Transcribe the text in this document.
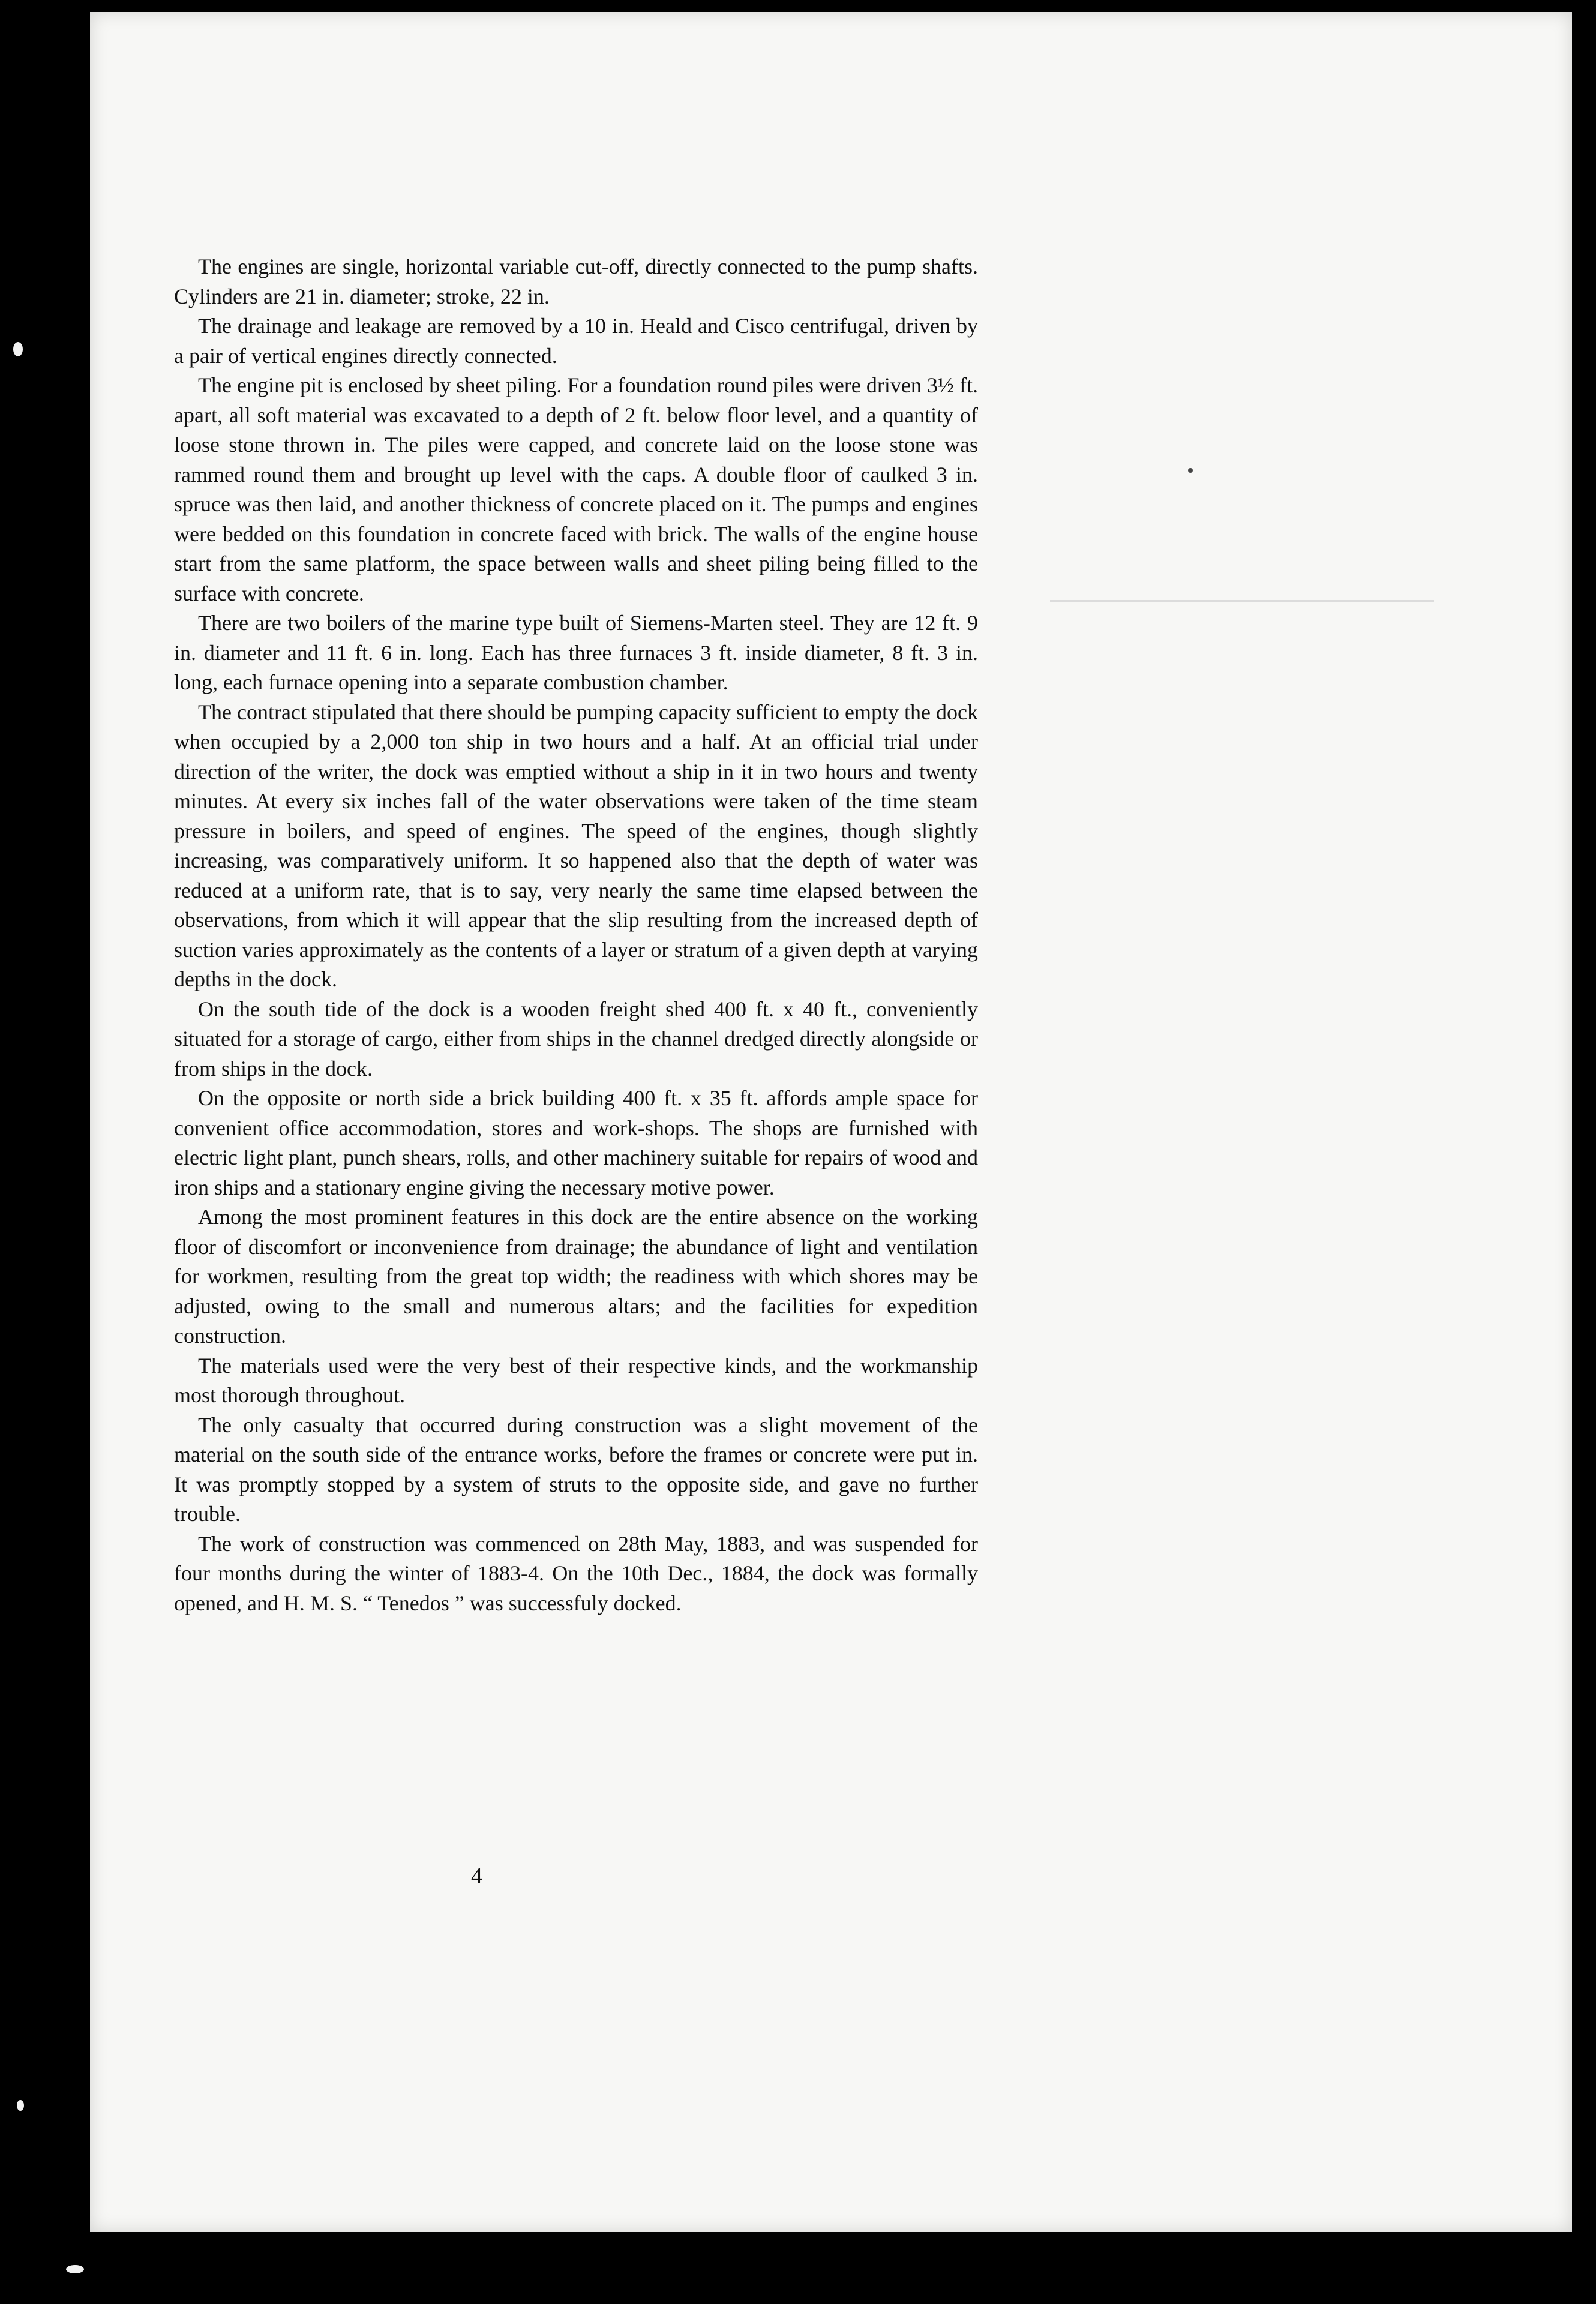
The engines are single, horizontal variable cut-off, directly connected to the pump shafts. Cylinders are 21 in. diameter; stroke, 22 in.

The drainage and leakage are removed by a 10 in. Heald and Cisco centrifugal, driven by a pair of vertical engines directly connected.

The engine pit is enclosed by sheet piling. For a foundation round piles were driven 3½ ft. apart, all soft material was excavated to a depth of 2 ft. below floor level, and a quantity of loose stone thrown in. The piles were capped, and concrete laid on the loose stone was rammed round them and brought up level with the caps. A double floor of caulked 3 in. spruce was then laid, and another thickness of concrete placed on it. The pumps and engines were bedded on this foundation in concrete faced with brick. The walls of the engine house start from the same platform, the space between walls and sheet piling being filled to the surface with concrete.

There are two boilers of the marine type built of Siemens-Marten steel. They are 12 ft. 9 in. diameter and 11 ft. 6 in. long. Each has three furnaces 3 ft. inside diameter, 8 ft. 3 in. long, each furnace opening into a separate combustion chamber.

The contract stipulated that there should be pumping capacity sufficient to empty the dock when occupied by a 2,000 ton ship in two hours and a half. At an official trial under direction of the writer, the dock was emptied without a ship in it in two hours and twenty minutes. At every six inches fall of the water observations were taken of the time steam pressure in boilers, and speed of engines. The speed of the engines, though slightly increasing, was comparatively uniform. It so happened also that the depth of water was reduced at a uniform rate, that is to say, very nearly the same time elapsed between the observations, from which it will appear that the slip resulting from the increased depth of suction varies approximately as the contents of a layer or stratum of a given depth at varying depths in the dock.

On the south tide of the dock is a wooden freight shed 400 ft. x 40 ft., conveniently situated for a storage of cargo, either from ships in the channel dredged directly alongside or from ships in the dock.

On the opposite or north side a brick building 400 ft. x 35 ft. affords ample space for convenient office accommodation, stores and work-shops. The shops are furnished with electric light plant, punch shears, rolls, and other machinery suitable for repairs of wood and iron ships and a stationary engine giving the necessary motive power.

Among the most prominent features in this dock are the entire absence on the working floor of discomfort or inconvenience from drainage; the abundance of light and ventilation for workmen, resulting from the great top width; the readiness with which shores may be adjusted, owing to the small and numerous altars; and the facilities for expedition construction.

The materials used were the very best of their respective kinds, and the workmanship most thorough throughout.

The only casualty that occurred during construction was a slight movement of the material on the south side of the entrance works, before the frames or concrete were put in. It was promptly stopped by a system of struts to the opposite side, and gave no further trouble.

The work of construction was commenced on 28th May, 1883, and was suspended for four months during the winter of 1883-4. On the 10th Dec., 1884, the dock was formally opened, and H. M. S. “ Tenedos ” was successfuly docked.

4
